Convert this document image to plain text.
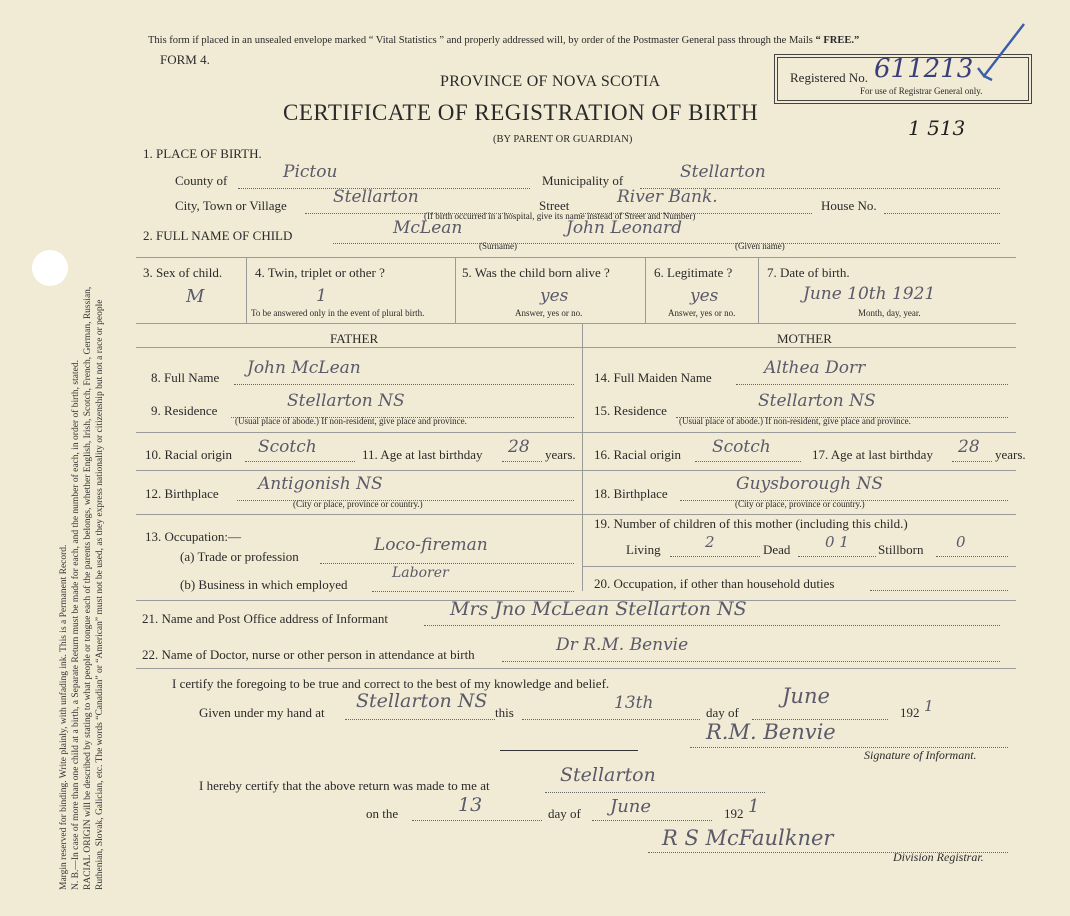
Margin reserved for binding. Write plainly, with unfading ink. This is a Permanent Record. N. B.—In case of more than one child at a birth, a Separate Return must be made for each, and the number of each, in order of birth, stated. RACIAL ORIGIN will be described by stating to what people or tongue each of the parents belongs, whether English, Irish, Scotch, French, German, Russian, Ruthenian, Slovak, Galician, etc. The words “Canadian” or “American” must not be used, as they express nationality or citizenship but not a race or people
This form if placed in an unsealed envelope marked “ Vital Statistics ” and properly addressed will, by order of the Postmaster General pass through the Mails “ FREE.”
FORM 4.
PROVINCE OF NOVA SCOTIA
CERTIFICATE OF REGISTRATION OF BIRTH
(BY PARENT OR GUARDIAN)
Registered No. 611213
For use of Registrar General only.
1 513
1. PLACE OF BIRTH.
County of	Pictou	Municipality of	Stellarton
City, Town or Village	Stellarton	Street	River Bank.	House No.
(If birth occurred in a hospital, give its name instead of Street and Number)
2. FULL NAME OF CHILD	McLean	John Leonard
(Surname)	(Given name)
3. Sex of child.
M
4. Twin, triplet or other ?
1
To be answered only in the event of plural birth.
5. Was the child born alive ?
yes
Answer, yes or no.
6. Legitimate ?
yes
Answer, yes or no.
7. Date of birth.
June 10th 1921
Month, day, year.
FATHER	MOTHER
8. Full Name John McLean
9. Residence	Stellarton NS
(Usual place of abode.) If non-resident, give place and province.
10. Racial origin Scotch	11. Age at last birthday 28 years.
12. Birthplace Antigonish NS
(City or place, province or country.)
13. Occupation:—
(a) Trade or profession
Loco-fireman
(b) Business in which employed
Laborer
14. Full Maiden Name	Althea Dorr
15. Residence	Stellarton NS
(Usual place of abode.) If non-resident, give place and province.
16. Racial origin Scotch	17. Age at last birthday 28 years.
18. Birthplace	Guysborough NS
(City or place, province or country.)
19. Number of children of this mother (including this child.)
Living	2	Dead 0 1 Stillborn 0
20. Occupation, if other than household duties
21. Name and Post Office address of Informant	Mrs Jno McLean Stellarton NS
22. Name of Doctor, nurse or other person in attendance at birth	Dr R.M. Benvie
I certify the foregoing to be true and correct to the best of my knowledge and belief.
Given under my hand at
Stellarton NS
this	13th	day of
June
192 1
R.M. Benvie
Signature of Informant.
I hereby certify that the above return was made to me at	Stellarton
on the	13	day of June	192 1
R S McFaulkner
Division Registrar.
